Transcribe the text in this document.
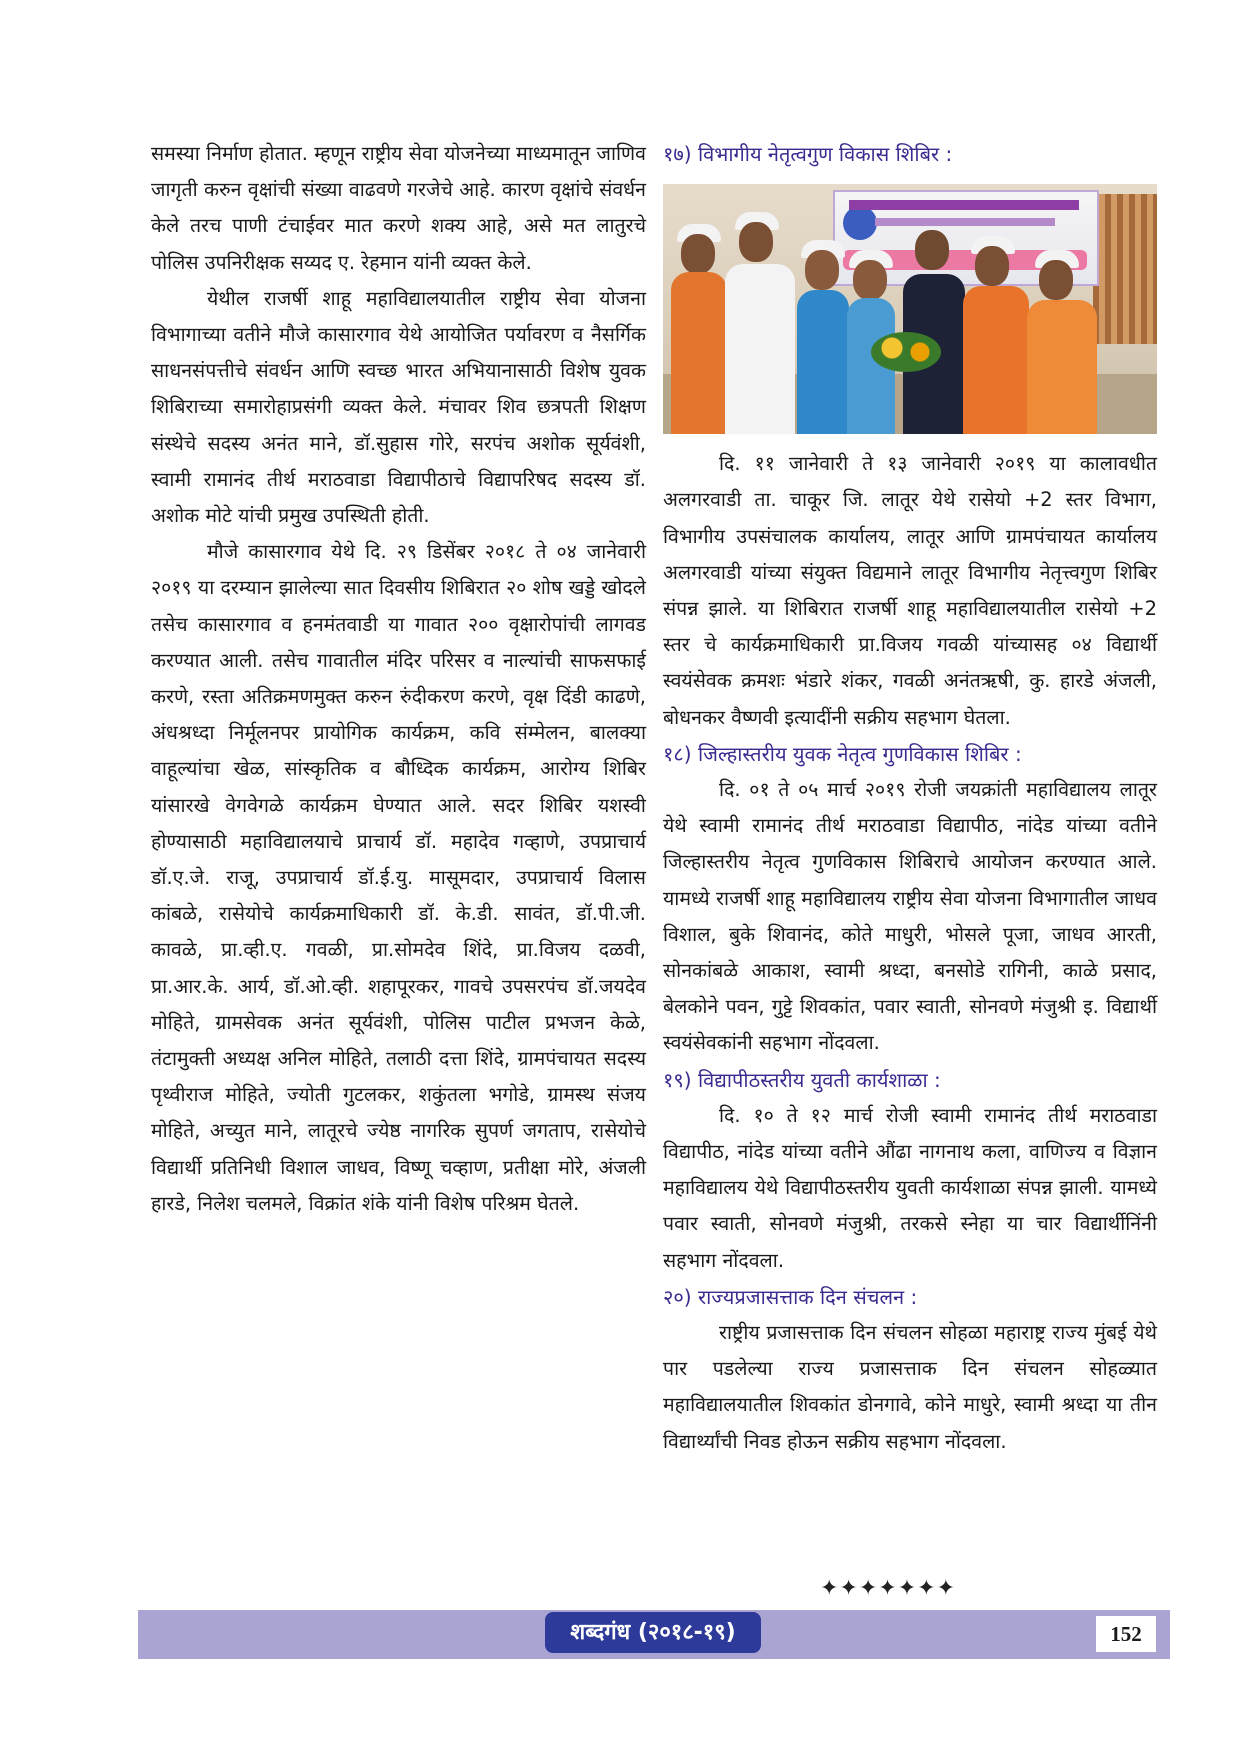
समस्या निर्माण होतात. म्हणून राष्ट्रीय सेवा योजनेच्या माध्यमातून जाणिव जागृती करुन वृक्षांची संख्या वाढवणे गरजेचे आहे. कारण वृक्षांचे संवर्धन केले तरच पाणी टंचाईवर मात करणे शक्य आहे, असे मत लातुरचे पोलिस उपनिरीक्षक सय्यद ए. रेहमान यांनी व्यक्त केले.

येथील राजर्षी शाहू महाविद्यालयातील राष्ट्रीय सेवा योजना विभागाच्या वतीने मौजे कासारगाव येथे आयोजित पर्यावरण व नैसर्गिक साधनसंपत्तीचे संवर्धन आणि स्वच्छ भारत अभियानासाठी विशेष युवक शिबिराच्या समारोहाप्रसंगी व्यक्त केले. मंचावर शिव छत्रपती शिक्षण संस्थेचे सदस्य अनंत माने, डॉ.सुहास गोरे, सरपंच अशोक सूर्यवंशी, स्वामी रामानंद तीर्थ मराठवाडा विद्यापीठाचे विद्यापरिषद सदस्य डॉ. अशोक मोटे यांची प्रमुख उपस्थिती होती.

मौजे कासारगाव येथे दि. २९ डिसेंबर २०१८ ते ०४ जानेवारी २०१९ या दरम्यान झालेल्या सात दिवसीय शिबिरात २० शोष खड्डे खोदले तसेच कासारगाव व हनमंतवाडी या गावात २०० वृक्षारोपांची लागवड करण्यात आली. तसेच गावातील मंदिर परिसर व नाल्यांची साफसफाई करणे, रस्ता अतिक्रमणमुक्त करुन रुंदीकरण करणे, वृक्ष दिंडी काढणे, अंधश्रध्दा निर्मूलनपर प्रायोगिक कार्यक्रम, कवि संम्मेलन, बालक्या वाहूल्यांचा खेळ, सांस्कृतिक व बौध्दिक कार्यक्रम, आरोग्य शिबिर यांसारखे वेगवेगळे कार्यक्रम घेण्यात आले. सदर शिबिर यशस्वी होण्यासाठी महाविद्यालयाचे प्राचार्य डॉ. महादेव गव्हाणे, उपप्राचार्य डॉ.ए.जे. राजू, उपप्राचार्य डॉ.ई.यु. मासूमदार, उपप्राचार्य विलास कांबळे, रासेयोचे कार्यक्रमाधिकारी डॉ. के.डी. सावंत, डॉ.पी.जी. कावळे, प्रा.व्ही.ए. गवळी, प्रा.सोमदेव शिंदे, प्रा.विजय दळवी, प्रा.आर.के. आर्य, डॉ.ओ.व्ही. शहापूरकर, गावचे उपसरपंच डॉ.जयदेव मोहिते, ग्रामसेवक अनंत सूर्यवंशी, पोलिस पाटील प्रभजन केळे, तंटामुक्ती अध्यक्ष अनिल मोहिते, तलाठी दत्ता शिंदे, ग्रामपंचायत सदस्य पृथ्वीराज मोहिते, ज्योती गुटलकर, शकुंतला भगोडे, ग्रामस्थ संजय मोहिते, अच्युत माने, लातूरचे ज्येष्ठ नागरिक सुपर्ण जगताप, रासेयोचे विद्यार्थी प्रतिनिधी विशाल जाधव, विष्णू चव्हाण, प्रतीक्षा मोरे, अंजली हारडे, निलेश चलमले, विक्रांत शंके यांनी विशेष परिश्रम घेतले.

१७) विभागीय नेतृत्वगुण विकास शिबिर :

दि. ११ जानेवारी ते १३ जानेवारी २०१९ या कालावधीत अलगरवाडी ता. चाकूर जि. लातूर येथे रासेयो +2 स्तर विभाग, विभागीय उपसंचालक कार्यालय, लातूर आणि ग्रामपंचायत कार्यालय अलगरवाडी यांच्या संयुक्त विद्यमाने लातूर विभागीय नेतृत्त्वगुण शिबिर संपन्न झाले. या शिबिरात राजर्षी शाहू महाविद्यालयातील रासेयो +2 स्तर चे कार्यक्रमाधिकारी प्रा.विजय गवळी यांच्यासह ०४ विद्यार्थी स्वयंसेवक क्रमशः भंडारे शंकर, गवळी अनंतऋषी, कु. हारडे अंजली, बोधनकर वैष्णवी इत्यादींनी सक्रीय सहभाग घेतला.

१८) जिल्हास्तरीय युवक नेतृत्व गुणविकास शिबिर :

दि. ०१ ते ०५ मार्च २०१९ रोजी जयक्रांती महाविद्यालय लातूर येथे स्वामी रामानंद तीर्थ मराठवाडा विद्यापीठ, नांदेड यांच्या वतीने जिल्हास्तरीय नेतृत्व गुणविकास शिबिराचे आयोजन करण्यात आले. यामध्ये राजर्षी शाहू महाविद्यालय राष्ट्रीय सेवा योजना विभागातील जाधव विशाल, बुके शिवानंद, कोते माधुरी, भोसले पूजा, जाधव आरती, सोनकांबळे आकाश, स्वामी श्रध्दा, बनसोडे रागिनी, काळे प्रसाद, बेलकोने पवन, गुट्टे शिवकांत, पवार स्वाती, सोनवणे मंजुश्री इ. विद्यार्थी स्वयंसेवकांनी सहभाग नोंदवला.

१९) विद्यापीठस्तरीय युवती कार्यशाळा :

दि. १० ते १२ मार्च रोजी स्वामी रामानंद तीर्थ मराठवाडा विद्यापीठ, नांदेड यांच्या वतीने औंढा नागनाथ कला, वाणिज्य व विज्ञान महाविद्यालय येथे विद्यापीठस्तरीय युवती कार्यशाळा संपन्न झाली. यामध्ये पवार स्वाती, सोनवणे मंजुश्री, तरकसे स्नेहा या चार विद्यार्थीनिंनी सहभाग नोंदवला.

२०) राज्यप्रजासत्ताक दिन संचलन :

राष्ट्रीय प्रजासत्ताक दिन संचलन सोहळा महाराष्ट्र राज्य मुंबई येथे पार पडलेल्या राज्य प्रजासत्ताक दिन संचलन सोहळ्यात महाविद्यालयातील शिवकांत डोनगावे, कोने माधुरे, स्वामी श्रध्दा या तीन विद्यार्थ्यांची निवड होऊन सक्रीय सहभाग नोंदवला.

✦✦✦✦✦✦✦
शब्दगंध (२०१८-१९)	152
